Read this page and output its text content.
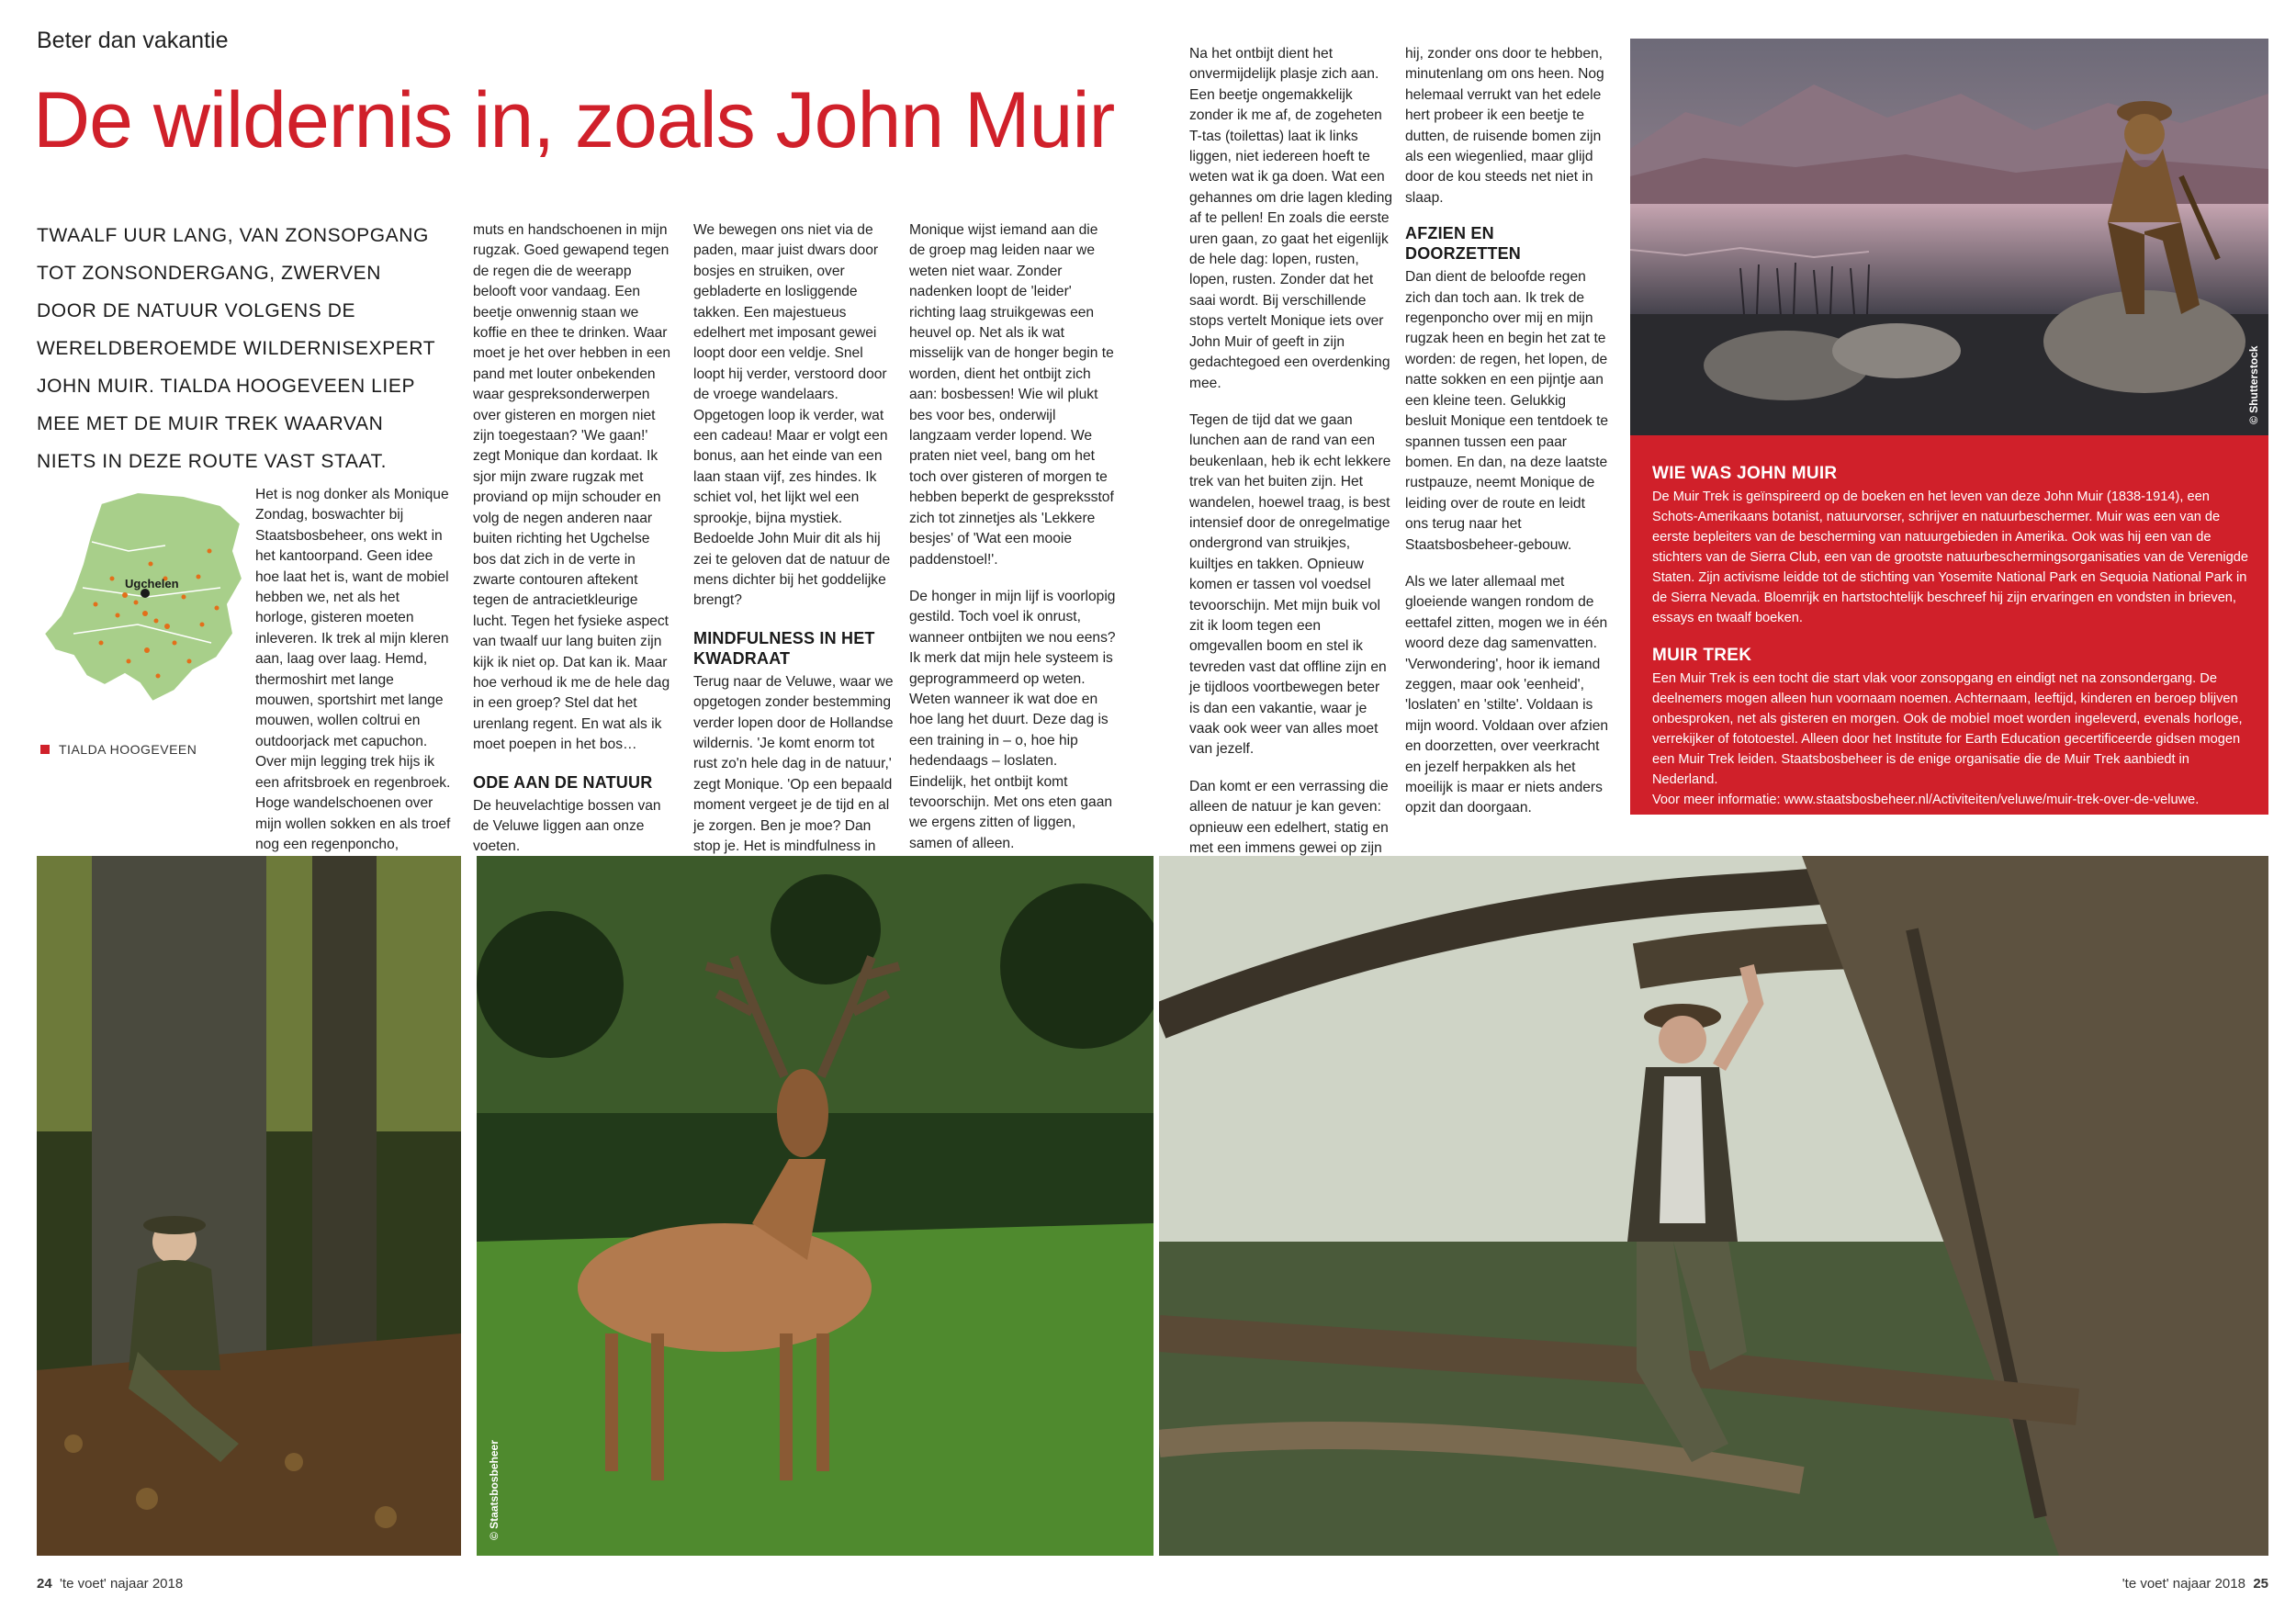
Beter dan vakantie
De wildernis in, zoals John Muir
TWAALF UUR LANG, VAN ZONSOPGANG TOT ZONSONDERGANG, ZWERVEN DOOR DE NATUUR VOLGENS DE WERELDBEROEMDE WILDERNISEXPERT JOHN MUIR. TIALDA HOOGEVEEN LIEP MEE MET DE MUIR TREK WAARVAN NIETS IN DEZE ROUTE VAST STAAT.
Ugchelen
TIALDA HOOGEVEEN

Het is nog donker als Monique Zondag, boswachter bij Staatsbosbeheer, ons wekt in het kantoorpand. Geen idee hoe laat het is, want de mobiel hebben we, net als het horloge, gisteren moeten inleveren. Ik trek al mijn kleren aan, laag over laag. Hemd, thermoshirt met lange mouwen, sportshirt met lange mouwen, wollen coltrui en outdoorjack met capuchon. Over mijn legging trek hijs ik een afritsbroek en regenbroek. Hoge wandelschoenen over mijn wollen sokken en als troef nog een regenponcho,

muts en handschoenen in mijn rugzak. Goed gewapend tegen de regen die de weerapp belooft voor vandaag. Een beetje onwennig staan we koffie en thee te drinken. Waar moet je het over hebben in een pand met louter onbekenden waar gespreksonderwerpen over gisteren en morgen niet zijn toegestaan? 'We gaan!' zegt Monique dan kordaat. Ik sjor mijn zware rugzak met proviand op mijn schouder en volg de negen anderen naar buiten richting het Ugchelse bos dat zich in de verte in zwarte contouren aftekent tegen de antracietkleurige lucht. Tegen het fysieke aspect van twaalf uur lang buiten zijn kijk ik niet op. Dat kan ik. Maar hoe verhoud ik me de hele dag in een groep? Stel dat het urenlang regent. En wat als ik moet poepen in het bos…

ODE AAN DE NATUUR

De heuvelachtige bossen van de Veluwe liggen aan onze voeten.

We bewegen ons niet via de paden, maar juist dwars door bosjes en struiken, over gebladerte en losliggende takken. Een majestueus edelhert met imposant gewei loopt door een veldje. Snel loopt hij verder, verstoord door de vroege wandelaars. Opgetogen loop ik verder, wat een cadeau! Maar er volgt een bonus, aan het einde van een laan staan vijf, zes hindes. Ik schiet vol, het lijkt wel een sprookje, bijna mystiek. Bedoelde John Muir dit als hij zei te geloven dat de natuur de mens dichter bij het goddelijke brengt?

MINDFULNESS IN HET KWADRAAT

Terug naar de Veluwe, waar we opgetogen zonder bestemming verder lopen door de Hollandse wildernis. 'Je komt enorm tot rust zo'n hele dag in de natuur,' zegt Monique. 'Op een bepaald moment vergeet je de tijd en al je zorgen. Ben je moe? Dan stop je. Het is mindfulness in

Monique wijst iemand aan die de groep mag leiden naar we weten niet waar. Zonder nadenken loopt de 'leider' richting laag struikgewas een heuvel op. Net als ik wat misselijk van de honger begin te worden, dient het ontbijt zich aan: bosbessen! Wie wil plukt bes voor bes, onderwijl langzaam verder lopend. We praten niet veel, bang om het toch over gisteren of morgen te hebben beperkt de gespreksstof zich tot zinnetjes als 'Lekkere besjes' of 'Wat een mooie paddenstoel!'.

De honger in mijn lijf is voorlopig gestild. Toch voel ik onrust, wanneer ontbijten we nou eens? Ik merk dat mijn hele systeem is geprogrammeerd op weten. Weten wanneer ik wat doe en hoe lang het duurt. Deze dag is een training in – o, hoe hip hedendaags – loslaten. Eindelijk, het ontbijt komt tevoorschijn. Met ons eten gaan we ergens zitten of liggen, samen of alleen.

Na het ontbijt dient het onvermijdelijk plasje zich aan. Een beetje ongemakkelijk zonder ik me af, de zogeheten T-tas (toilettas) laat ik links liggen, niet iedereen hoeft te weten wat ik ga doen. Wat een gehannes om drie lagen kleding af te pellen! En zoals die eerste uren gaan, zo gaat het eigenlijk de hele dag: lopen, rusten, lopen, rusten. Zonder dat het saai wordt. Bij verschillende stops vertelt Monique iets over John Muir of geeft in zijn gedachtegoed een overdenking mee.

Tegen de tijd dat we gaan lunchen aan de rand van een beukenlaan, heb ik echt lekkere trek van het buiten zijn. Het wandelen, hoewel traag, is best intensief door de onregelmatige ondergrond van struikjes, kuiltjes en takken. Opnieuw komen er tassen vol voedsel tevoorschijn. Met mijn buik vol zit ik loom tegen een omgevallen boom en stel ik tevreden vast dat offline zijn en je tijdloos voortbewegen beter is dan een vakantie, waar je vaak ook weer van alles moet van jezelf.

Dan komt er een verrassing die alleen de natuur je kan geven: opnieuw een edelhert, statig en met een immens gewei op zijn

hij, zonder ons door te hebben, minutenlang om ons heen. Nog helemaal verrukt van het edele hert probeer ik een beetje te dutten, de ruisende bomen zijn als een wiegenlied, maar glijd door de kou steeds net niet in slaap.

AFZIEN EN DOORZETTEN

Dan dient de beloofde regen zich dan toch aan. Ik trek de regenponcho over mij en mijn rugzak heen en begin het zat te worden: de regen, het lopen, de natte sokken en een pijntje aan een kleine teen. Gelukkig besluit Monique een tentdoek te spannen tussen een paar bomen. En dan, na deze laatste rustpauze, neemt Monique de leiding over de route en leidt ons terug naar het Staatsbosbeheer-gebouw.

Als we later allemaal met gloeiende wangen rondom de eettafel zitten, mogen we in één woord deze dag samenvatten. 'Verwondering', hoor ik iemand zeggen, maar ook 'eenheid', 'loslaten' en 'stilte'. Voldaan is mijn woord. Voldaan over afzien en doorzetten, over veerkracht en jezelf herpakken als het moeilijk is maar er niets anders opzit dan doorgaan.

© Shutterstock
WIE WAS JOHN MUIR

De Muir Trek is geïnspireerd op de boeken en het leven van deze John Muir (1838-1914), een Schots-Amerikaans botanist, natuurvorser, schrijver en natuurbeschermer. Muir was een van de eerste bepleiters van de bescherming van natuurgebieden in Amerika. Ook was hij een van de stichters van de Sierra Club, een van de grootste natuurbeschermingsorganisaties van de Verenigde Staten. Zijn activisme leidde tot de stichting van Yosemite National Park en Sequoia National Park in de Sierra Nevada. Bloemrijk en hartstochtelijk beschreef hij zijn ervaringen en vondsten in brieven, essays en twaalf boeken.

MUIR TREK

Een Muir Trek is een tocht die start vlak voor zonsopgang en eindigt net na zonsondergang. De deelnemers mogen alleen hun voornaam noemen. Achternaam, leeftijd, kinderen en beroep blijven onbesproken, net als gisteren en morgen. Ook de mobiel moet worden ingeleverd, evenals horloge, verrekijker of fototoestel. Alleen door het Institute for Earth Education gecertificeerde gidsen mogen een Muir Trek leiden. Staatsbosbeheer is de enige organisatie die de Muir Trek aanbiedt in Nederland.

Voor meer informatie: www.staatsbosbeheer.nl/Activiteiten/veluwe/muir-trek-over-de-veluwe.

© Staatsbosbeheer
24 'te voet' najaar 2018	'te voet' najaar 2018 25
